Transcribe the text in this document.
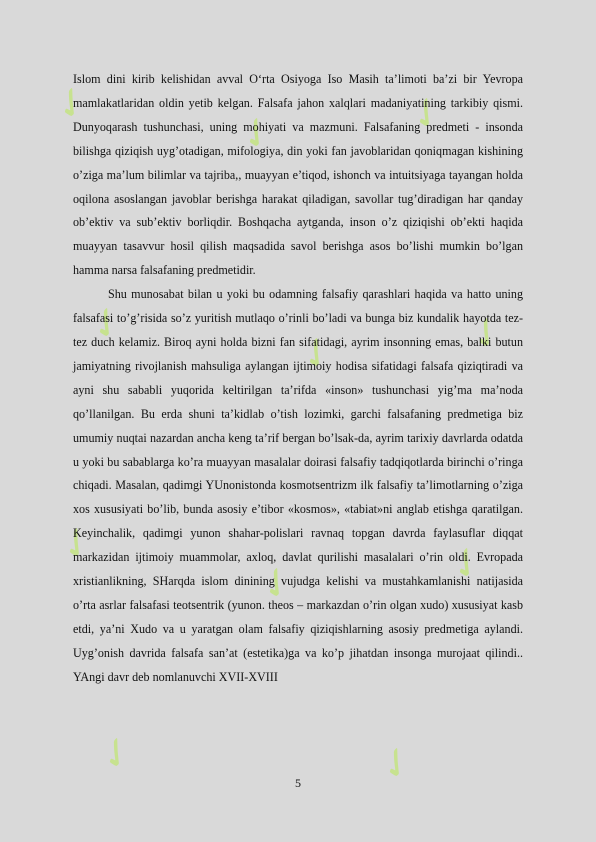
✓
✓	✓
✓
✓	✓
✓
✓	✓
✓	✓

Islom dini kirib kelishidan avval O‘rta Osiyoga Iso Masih ta’limoti ba’zi bir Yevropa mamlakatlaridan oldin yetib kelgan. Falsafa jahon xalqlari madaniyatining tarkibiy qismi. Dunyoqarash tushunchasi, uning mohiyati va mazmuni. Falsafaning predmeti - insonda bilishga qiziqish uyg’otadigan, mifologiya, din yoki fan javoblaridan qoniqmagan kishining o’ziga ma’lum bilimlar va tajriba,, muayyan e’tiqod, ishonch va intuitsiyaga tayangan holda oqilona asoslangan javoblar berishga harakat qiladigan, savollar tug’diradigan har qanday ob’ektiv va sub’ektiv borliqdir. Boshqacha aytganda, inson o’z qiziqishi ob’ekti haqida muayyan tasavvur hosil qilish maqsadida savol berishga asos bo’lishi mumkin bo’lgan hamma narsa falsafaning predmetidir.

Shu munosabat bilan u yoki bu odamning falsafiy qarashlari haqida va hatto uning falsafasi to’g’risida so’z yuritish mutlaqo o’rinli bo’ladi va bunga biz kundalik hayotda tez-tez duch kelamiz. Biroq ayni holda bizni fan sifatidagi, ayrim insonning emas, balki butun jamiyatning rivojlanish mahsuliga aylangan ijtimoiy hodisa sifatidagi falsafa qiziqtiradi va ayni shu sababli yuqorida keltirilgan ta’rifda «inson» tushunchasi yig’ma ma’noda qo’llanilgan. Bu erda shuni ta’kidlab o’tish lozimki, garchi falsafaning predmetiga biz umumiy nuqtai nazardan ancha keng ta’rif bergan bo’lsak-da, ayrim tarixiy davrlarda odatda u yoki bu sabablarga ko’ra muayyan masalalar doirasi falsafiy tadqiqotlarda birinchi o’ringa chiqadi. Masalan, qadimgi YUnonistonda kosmotsentrizm ilk falsafiy ta’limotlarning o’ziga xos xususiyati bo’lib, bunda asosiy e’tibor «kosmos», «tabiat»ni anglab etishga qaratilgan. Keyinchalik, qadimgi yunon shahar-polislari ravnaq topgan davrda faylasuflar diqqat markazidan ijtimoiy muammolar, axloq, davlat qurilishi masalalari o’rin oldi. Evropada xristianlikning, SHarqda islom dinining vujudga kelishi va mustahkamlanishi natijasida o’rta asrlar falsafasi teotsentrik (yunon. theos – markazdan o’rin olgan xudo) xususiyat kasb etdi, ya’ni Xudo va u yaratgan olam falsafiy qiziqishlarning asosiy predmetiga aylandi. Uyg’onish davrida falsafa san’at (estetika)ga va ko’p jihatdan insonga murojaat qilindi.. YAngi davr deb nomlanuvchi XVII-XVIII

5
